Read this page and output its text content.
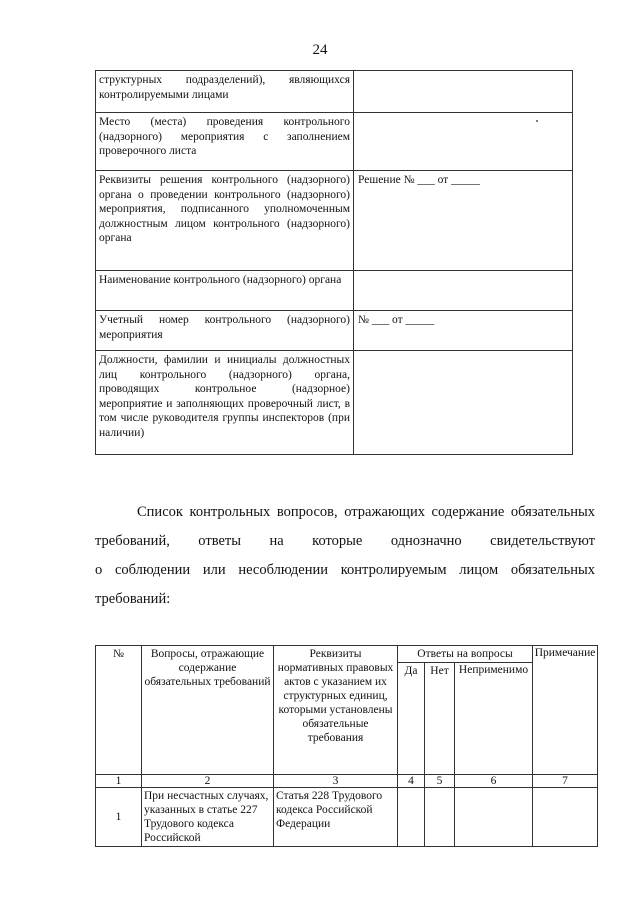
24
структурных подразделений), являющихся контролируемыми лицами	
Место (места) проведения контрольного (надзорного) мероприятия с заполнением проверочного листа	
Реквизиты решения контрольного (надзорного) органа о проведении контрольного (надзорного) мероприятия, подписанного уполномоченным должностным лицом контрольного (надзорного) органа	Решение № ___ от _____
Наименование контрольного (надзорного) органа	
Учетный номер контрольного (надзорного) мероприятия	№ ___ от _____
Должности, фамилии и инициалы должностных лиц контрольного (надзорного) органа, проводящих контрольное (надзорное) мероприятие и заполняющих проверочный лист, в том числе руководителя группы инспекторов (при наличии)	
Список контрольных вопросов, отражающих содержание обязательных
требований, ответы на которые однозначно свидетельствуют
о соблюдении или несоблюдении контролируемым лицом обязательных
требований:
№	Вопросы, отражающие содержание обязательных требований	Реквизиты нормативных правовых актов с указанием их структурных единиц, которыми установлены обязательные требования	Ответы на вопросы			Примечание
			Да	Нет	Неприменимо	
1	2	3	4	5	6	7
1	При несчастных случаях, указанных в статье 227 Трудового кодекса Российской	Статья 228 Трудового кодекса Российской Федерации				
